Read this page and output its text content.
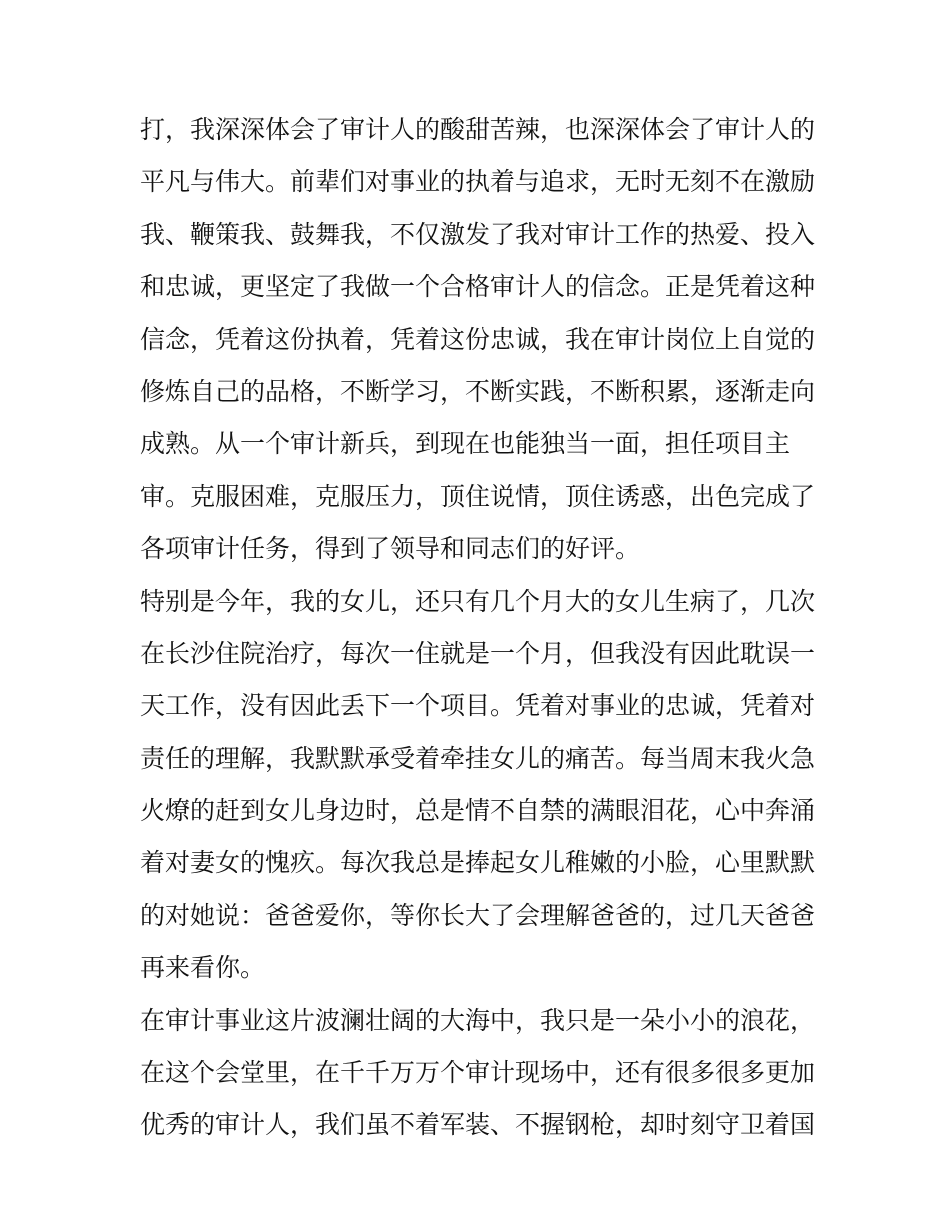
打，我深深体会了审计人的酸甜苦辣，也深深体会了审计人的
平凡与伟大。前辈们对事业的执着与追求，无时无刻不在激励
我、鞭策我、鼓舞我，不仅激发了我对审计工作的热爱、投入
和忠诚，更坚定了我做一个合格审计人的信念。正是凭着这种
信念，凭着这份执着，凭着这份忠诚，我在审计岗位上自觉的
修炼自己的品格，不断学习，不断实践，不断积累，逐渐走向
成熟。从一个审计新兵，到现在也能独当一面，担任项目主
审。克服困难，克服压力，顶住说情，顶住诱惑，出色完成了
各项审计任务，得到了领导和同志们的好评。
特别是今年，我的女儿，还只有几个月大的女儿生病了，几次
在长沙住院治疗，每次一住就是一个月，但我没有因此耽误一
天工作，没有因此丢下一个项目。凭着对事业的忠诚，凭着对
责任的理解，我默默承受着牵挂女儿的痛苦。每当周末我火急
火燎的赶到女儿身边时，总是情不自禁的满眼泪花，心中奔涌
着对妻女的愧疚。每次我总是捧起女儿稚嫩的小脸，心里默默
的对她说：爸爸爱你，等你长大了会理解爸爸的，过几天爸爸
再来看你。
在审计事业这片波澜壮阔的大海中，我只是一朵小小的浪花，
在这个会堂里，在千千万万个审计现场中，还有很多很多更加
优秀的审计人，我们虽不着军装、不握钢枪，却时刻守卫着国
